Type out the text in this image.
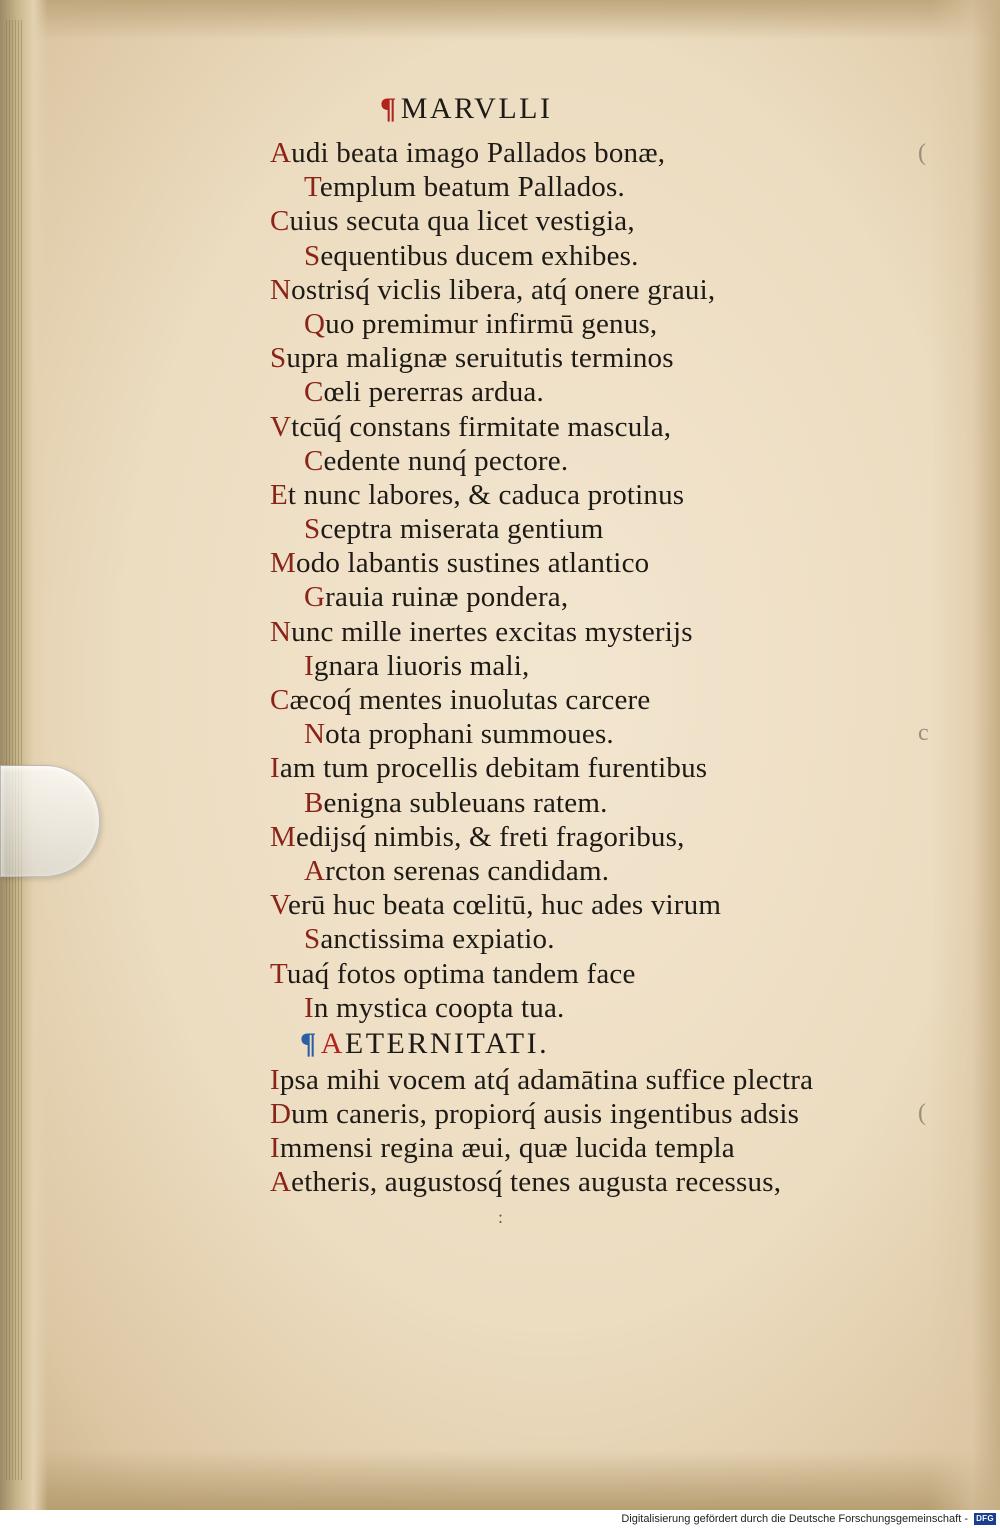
(
c
(
¶MARVLLI
Audi beata imago Pallados bonæ,
Templum beatum Pallados.
Cuius secuta qua licet vestigia,
Sequentibus ducem exhibes.
Nostrisq́ viclis libera, atq́ onere graui,
Quo premimur infirmū genus,
Supra malignæ seruitutis terminos
Cœli pererras ardua.
Vtcūq́ constans firmitate mascula,
Cedente nunq́ pectore.
Et nunc labores, & caduca protinus
Sceptra miserata gentium
Modo labantis sustines atlantico
Grauia ruinæ pondera,
Nunc mille inertes excitas mysterijs
Ignara liuoris mali,
Cæcoq́ mentes inuolutas carcere
Nota prophani summoues.
Iam tum procellis debitam furentibus
Benigna subleuans ratem.
Medijsq́ nimbis, & freti fragoribus,
Arcton serenas candidam.
Verū huc beata cœlitū, huc ades virum
Sanctissima expiatio.
Tuaq́ fotos optima tandem face
In mystica coopta tua.
¶AETERNITATI.
Ipsa mihi vocem atq́ adamātina suffice plectra
Dum caneris, propiorq́ ausis ingentibus adsis
Immensi regina æui, quæ lucida templa
Aetheris, augustosq́ tenes augusta recessus,
:
Digitalisierung gefördert durch die Deutsche Forschungsgemeinschaft - DFG
